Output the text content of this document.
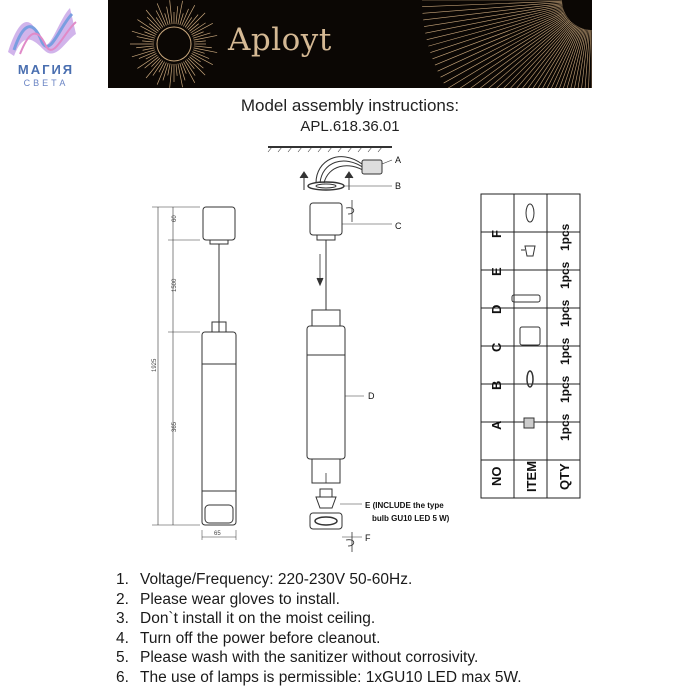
МАГИЯ
СВЕТА
Aployt
Model assembly instructions:
APL.618.36.01
60
1500
1925
365
65
A
B
C
D
E (INCLUDE the type
bulb GU10 LED 5 W)
F
NO ITEM QTY
A	1pcs
B	1pcs
C	1pcs
D	1pcs
E	1pcs
F	1pcs
1. Voltage/Frequency: 220-230V 50-60Hz.
2. Please wear gloves to install.
3. Don`t install it on the moist ceiling.
4. Turn off the power before cleanout.
5. Please wash with the sanitizer without corrosivity.
6. The use of lamps is permissible: 1xGU10 LED max 5W.
